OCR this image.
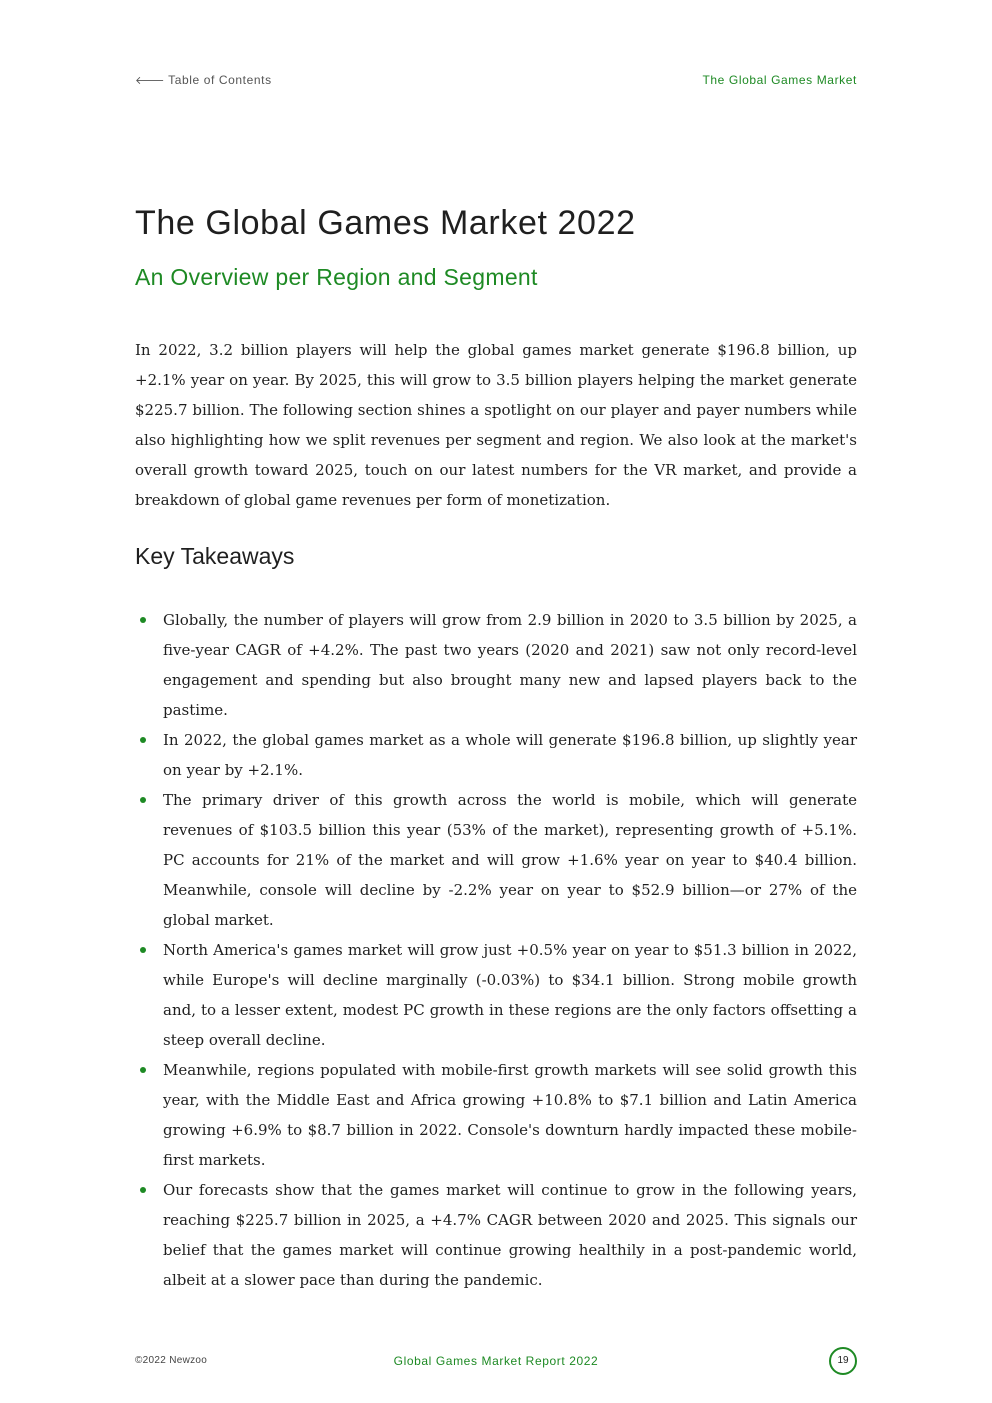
🡐 Table of Contents	The Global Games Market
The Global Games Market 2022
An Overview per Region and Segment

In 2022, 3.2 billion players will help the global games market generate $196.8 billion, up +2.1% year on year. By 2025, this will grow to 3.5 billion players helping the market generate $225.7 billion. The following section shines a spotlight on our player and payer numbers while also highlighting how we split revenues per segment and region. We also look at the market's overall growth toward 2025, touch on our latest numbers for the VR market, and provide a breakdown of global game revenues per form of monetization.

Key Takeaways
Globally, the number of players will grow from 2.9 billion in 2020 to 3.5 billion by 2025, a five-year CAGR of +4.2%. The past two years (2020 and 2021) saw not only record-level engagement and spending but also brought many new and lapsed players back to the pastime.
In 2022, the global games market as a whole will generate $196.8 billion, up slightly year on year by +2.1%.
The primary driver of this growth across the world is mobile, which will generate revenues of $103.5 billion this year (53% of the market), representing growth of +5.1%. PC accounts for 21% of the market and will grow +1.6% year on year to $40.4 billion. Meanwhile, console will decline by -2.2% year on year to $52.9 billion—or 27% of the global market.
North America's games market will grow just +0.5% year on year to $51.3 billion in 2022, while Europe's will decline marginally (-0.03%) to $34.1 billion. Strong mobile growth and, to a lesser extent, modest PC growth in these regions are the only factors offsetting a steep overall decline.
Meanwhile, regions populated with mobile-first growth markets will see solid growth this year, with the Middle East and Africa growing +10.8% to $7.1 billion and Latin America growing +6.9% to $8.7 billion in 2022. Console's downturn hardly impacted these mobile-first markets.
Our forecasts show that the games market will continue to grow in the following years, reaching $225.7 billion in 2025, a +4.7% CAGR between 2020 and 2025. This signals our belief that the games market will continue growing healthily in a post-pandemic world, albeit at a slower pace than during the pandemic.
©2022 Newzoo	Global Games Market Report 2022	19
